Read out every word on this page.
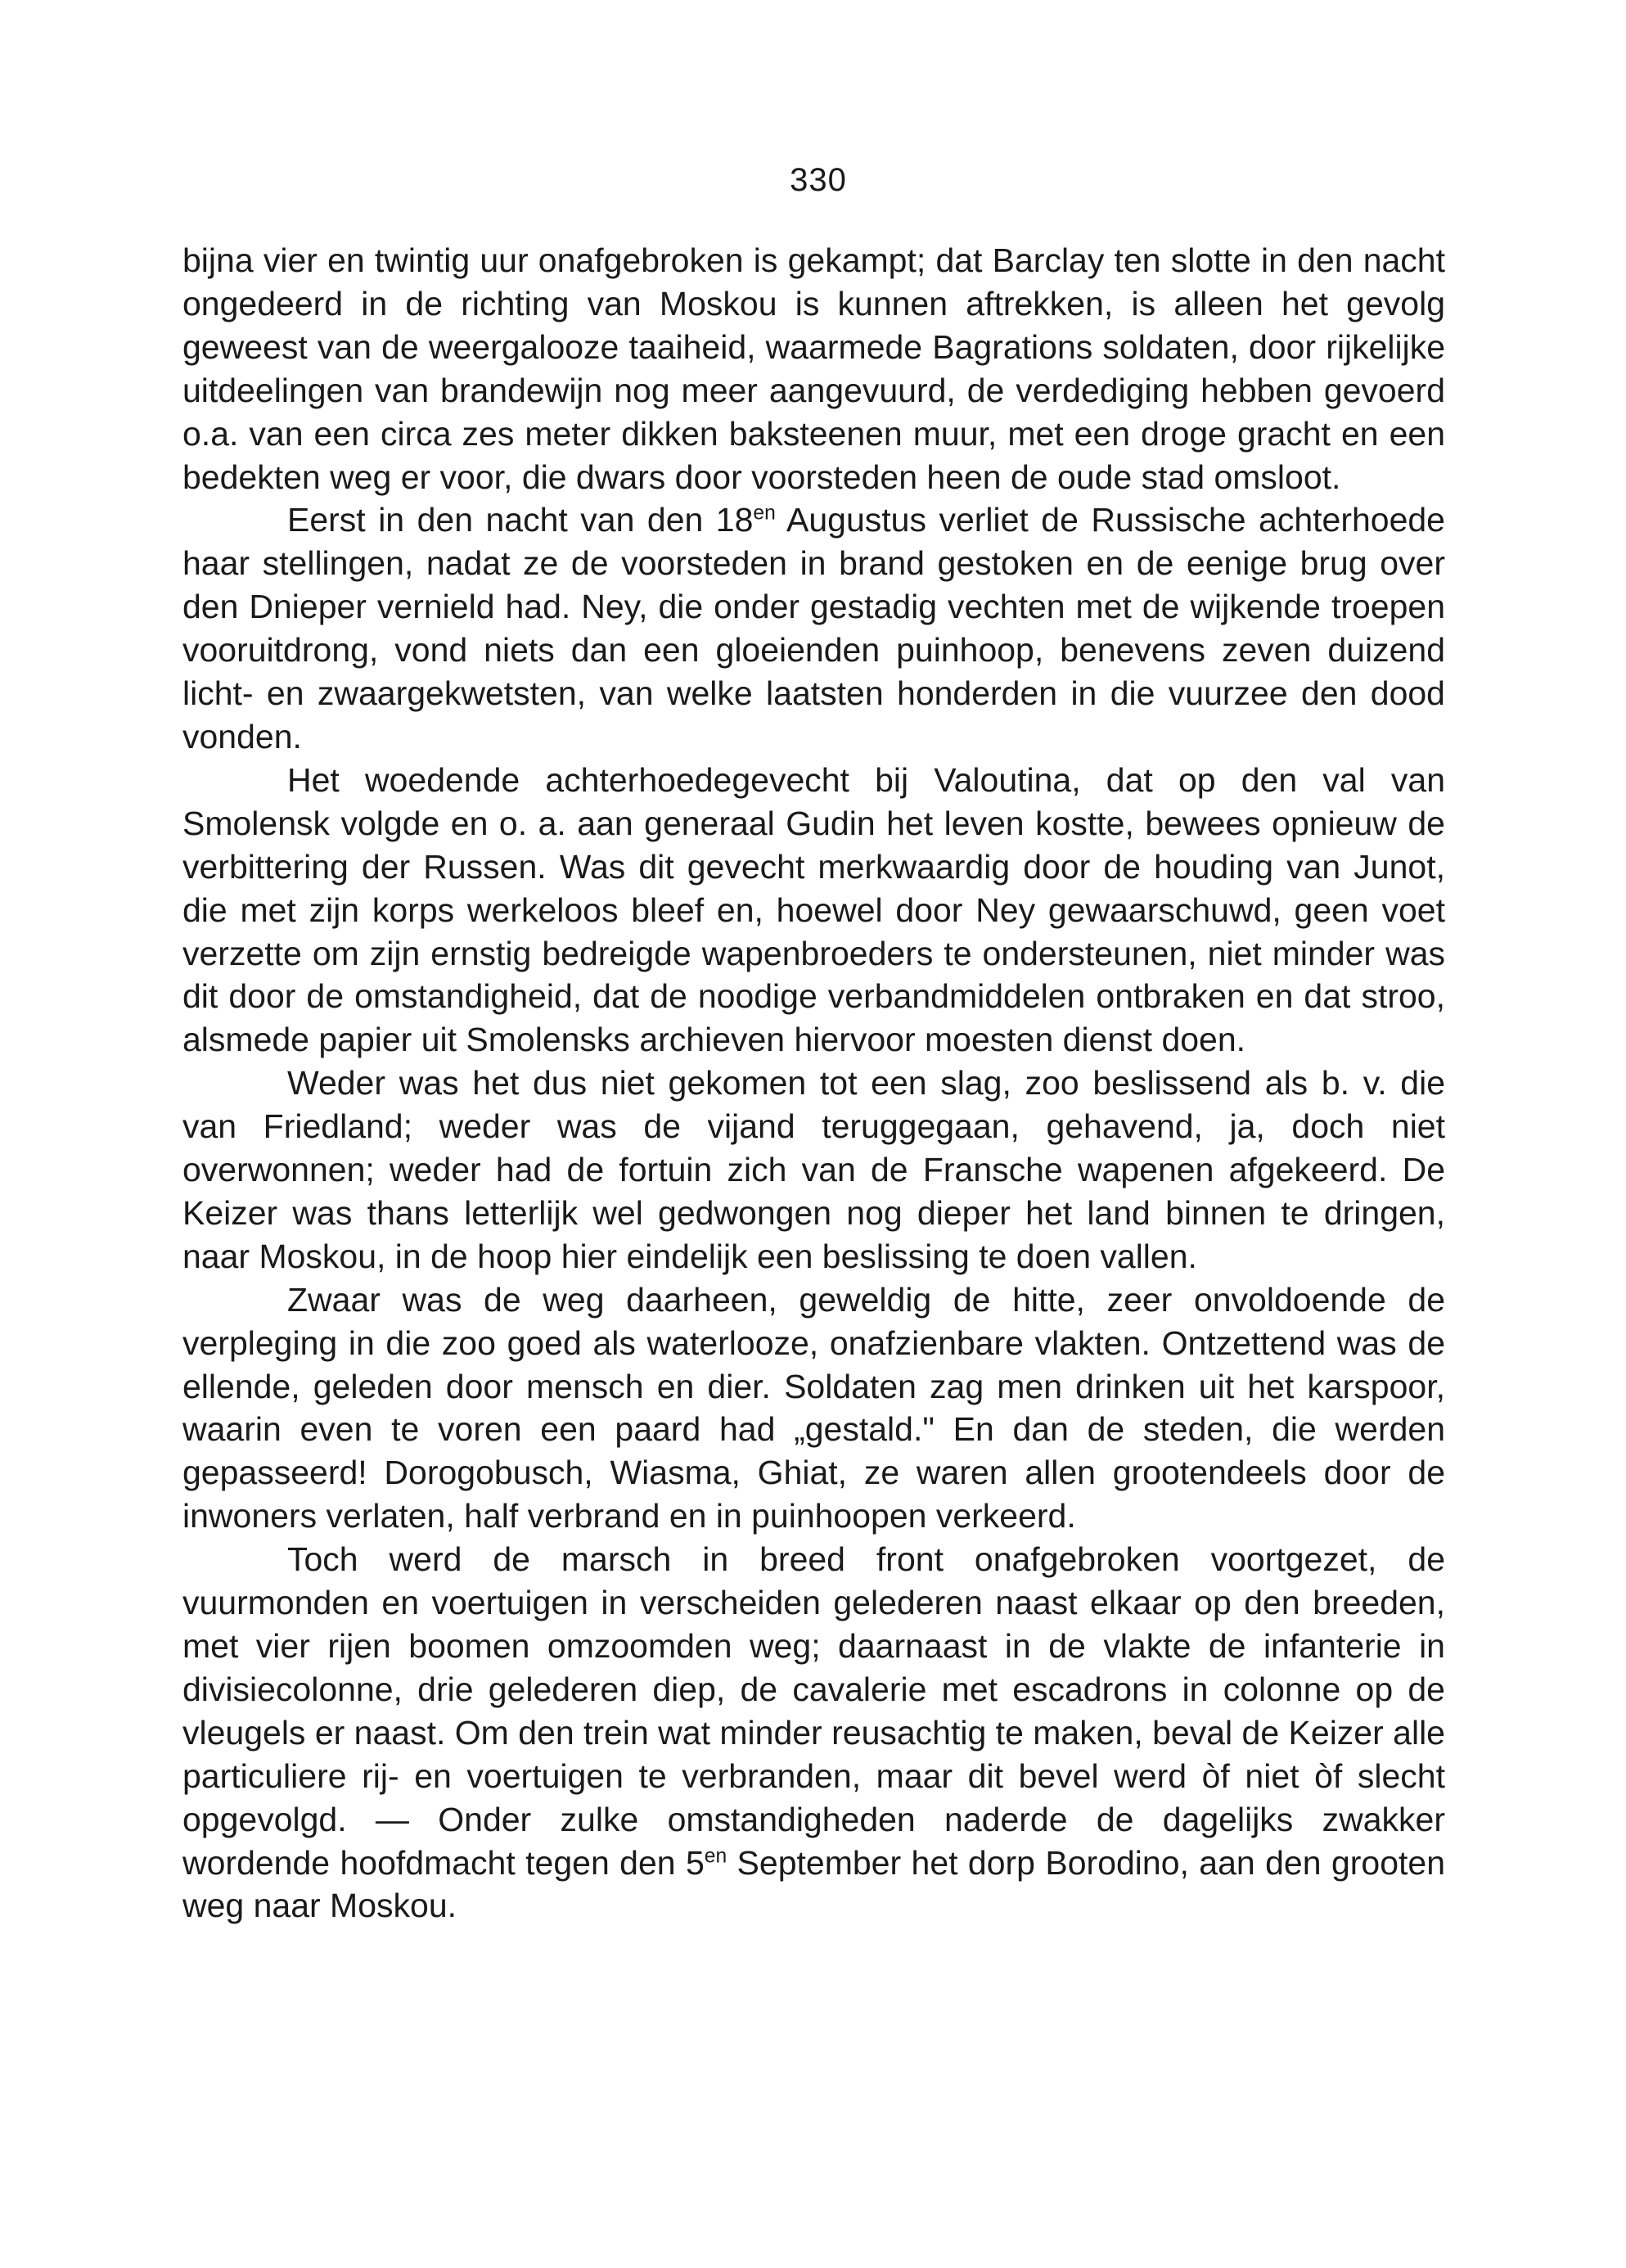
330

bijna vier en twintig uur onafgebroken is gekampt; dat Barclay ten slotte in den nacht ongedeerd in de richting van Moskou is kunnen aftrekken, is alleen het gevolg geweest van de weergalooze taaiheid, waarmede Bagrations soldaten, door rijkelijke uitdeelingen van brandewijn nog meer aangevuurd, de verdediging hebben gevoerd o.a. van een circa zes meter dikken baksteenen muur, met een droge gracht en een bedekten weg er voor, die dwars door voorsteden heen de oude stad omsloot.

Eerst in den nacht van den $18^{en}$ Augustus verliet de Russische achterhoede haar stellingen, nadat ze de voorsteden in brand gestoken en de eenige brug over den Dnieper vernield had. Ney, die onder gestadig vechten met de wijkende troepen vooruitdrong, vond niets dan een gloeienden puinhoop, benevens zeven duizend licht- en zwaargekwetsten, van welke laatsten honderden in die vuurzee den dood vonden.

Het woedende achterhoedegevecht bij Valoutina, dat op den val van Smolensk volgde en o. a. aan generaal Gudin het leven kostte, bewees opnieuw de verbittering der Russen. Was dit gevecht merkwaardig door de houding van Junot, die met zijn korps werkeloos bleef en, hoewel door Ney gewaarschuwd, geen voet verzette om zijn ernstig bedreigde wapenbroeders te ondersteunen, niet minder was dit door de omstandigheid, dat de noodige verbandmiddelen ontbraken en dat stroo, alsmede papier uit Smolensks archieven hiervoor moesten dienst doen.

Weder was het dus niet gekomen tot een slag, zoo beslissend als b. v. die van Friedland; weder was de vijand teruggegaan, gehavend, ja, doch niet overwonnen; weder had de fortuin zich van de Fransche wapenen afgekeerd. De Keizer was thans letterlijk wel gedwongen nog dieper het land binnen te dringen, naar Moskou, in de hoop hier eindelijk een beslissing te doen vallen.

Zwaar was de weg daarheen, geweldig de hitte, zeer onvoldoende de verpleging in die zoo goed als waterlooze, onafzienbare vlakten. Ontzettend was de ellende, geleden door mensch en dier. Soldaten zag men drinken uit het karspoor, waarin even te voren een paard had „gestald." En dan de steden, die werden gepasseerd! Dorogobusch, Wiasma, Ghiat, ze waren allen grootendeels door de inwoners verlaten, half verbrand en in puinhoopen verkeerd.

Toch werd de marsch in breed front onafgebroken voortgezet, de vuurmonden en voertuigen in verscheiden gelederen naast elkaar op den breeden, met vier rijen boomen omzoomden weg; daarnaast in de vlakte de infanterie in divisiecolonne, drie gelederen diep, de cavalerie met escadrons in colonne op de vleugels er naast. Om den trein wat minder reusachtig te maken, beval de Keizer alle particuliere rij- en voertuigen te verbranden, maar dit bevel werd òf niet òf slecht opgevolgd. — Onder zulke omstandigheden naderde de dagelijks zwakker wordende hoofdmacht tegen den $5^{en}$ September het dorp Borodino, aan den grooten weg naar Moskou.
